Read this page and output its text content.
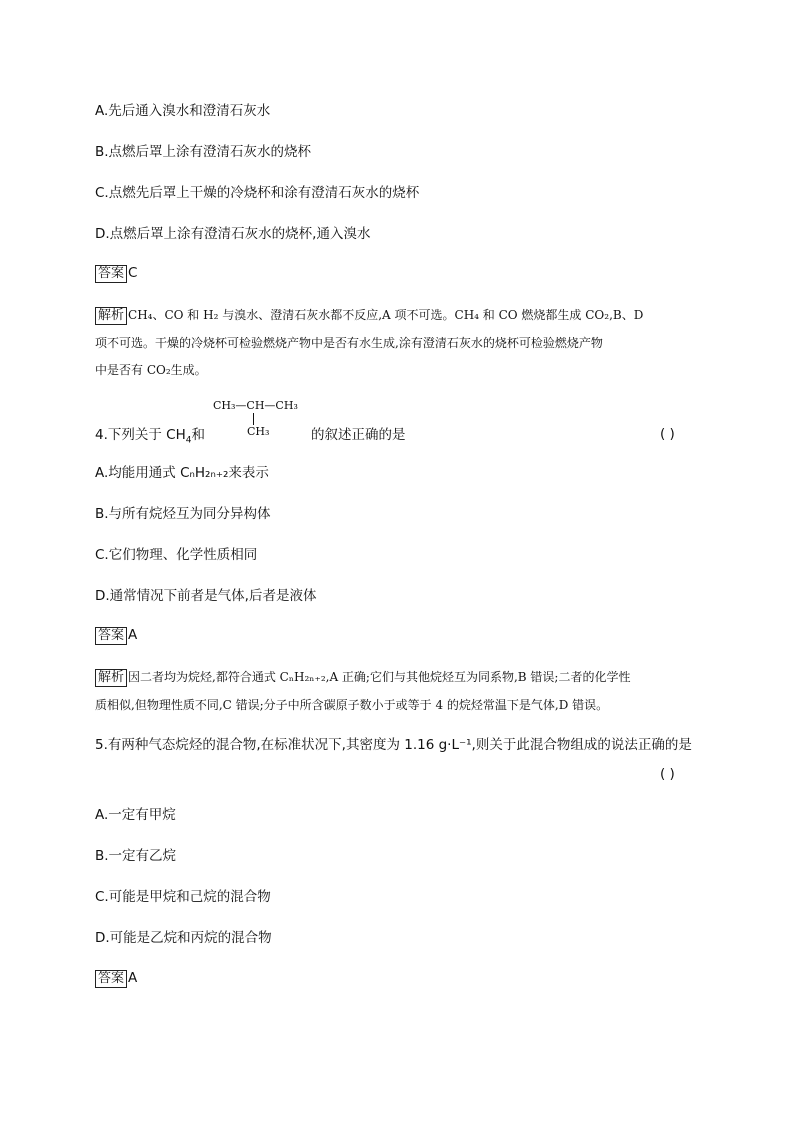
A.先后通入溴水和澄清石灰水
B.点燃后罩上涂有澄清石灰水的烧杯
C.点燃先后罩上干燥的冷烧杯和涂有澄清石灰水的烧杯
D.点燃后罩上涂有澄清石灰水的烧杯,通入溴水
答案 C
解析 CH₄、CO 和 H₂ 与溴水、澄清石灰水都不反应,A 项不可选。CH₄ 和 CO 燃烧都生成 CO₂,B、D
项不可选。干燥的冷烧杯可检验燃烧产物中是否有水生成,涂有澄清石灰水的烧杯可检验燃烧产物
中是否有 CO₂生成。
CH₃—CH—CH₃
CH₃
4.下列关于 $CH_4$和	的叙述正确的是	( )
A.均能用通式 CₙH₂ₙ₊₂来表示
B.与所有烷烃互为同分异构体
C.它们物理、化学性质相同
D.通常情况下前者是气体,后者是液体
答案 A
解析 因二者均为烷烃,都符合通式 CₙH₂ₙ₊₂,A 正确;它们与其他烷烃互为同系物,B 错误;二者的化学性
质相似,但物理性质不同,C 错误;分子中所含碳原子数小于或等于 4 的烷烃常温下是气体,D 错误。
5.有两种气态烷烃的混合物,在标准状况下,其密度为 1.16 g·L⁻¹,则关于此混合物组成的说法正确的是
( )
A.一定有甲烷
B.一定有乙烷
C.可能是甲烷和己烷的混合物
D.可能是乙烷和丙烷的混合物
答案 A
